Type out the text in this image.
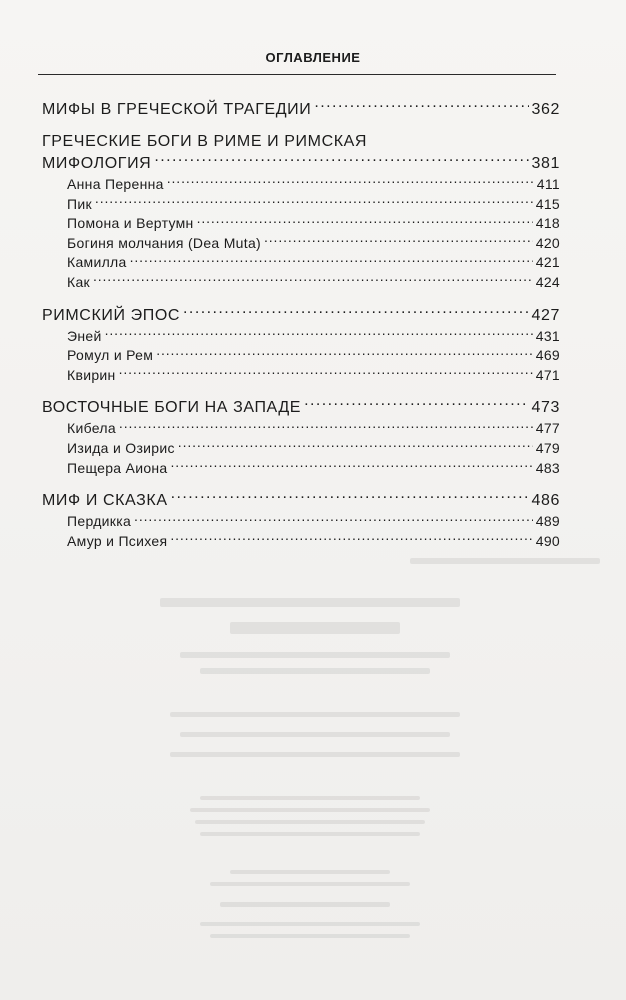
ОГЛАВЛЕНИЕ
МИФЫ В ГРЕЧЕСКОЙ ТРАГЕДИИ . . .	362
ГРЕЧЕСКИЕ БОГИ В РИМЕ И РИМСКАЯ
МИФОЛОГИЯ . . .	381
Анна Перенна . . .	411
Пик . . .	415
Помона и Вертумн . . .	418
Богиня молчания (Dea Muta) . . .	420
Камилла . . .	421
Как . . .	424
РИМСКИЙ ЭПОС . . .	427
Эней . . .	431
Ромул и Рем . . .	469
Квирин . . .	471
ВОСТОЧНЫЕ БОГИ НА ЗАПАДЕ . . .	473
Кибела . . .	477
Изида и Озирис . . .	479
Пещера Аиона . . .	483
МИФ И СКАЗКА . . .	486
Пердикка . . .	489
Амур и Психея . . .	490
